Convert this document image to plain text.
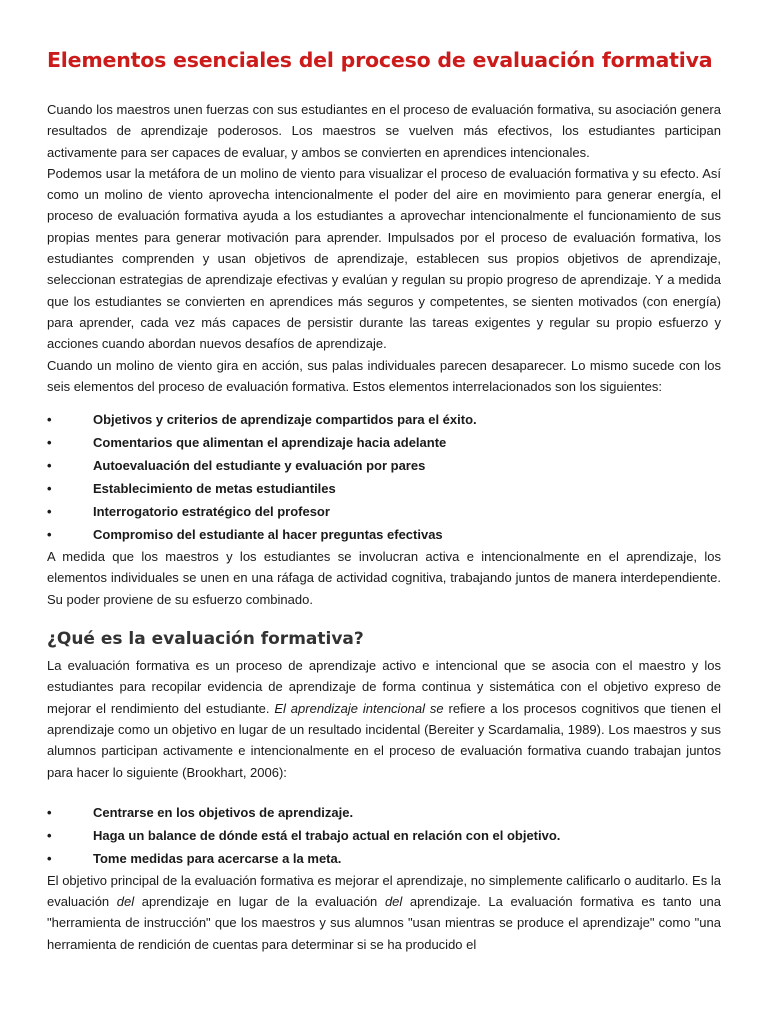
Elementos esenciales del proceso de evaluación formativa

Cuando los maestros unen fuerzas con sus estudiantes en el proceso de evaluación formativa, su asociación genera resultados de aprendizaje poderosos. Los maestros se vuelven más efectivos, los estudiantes participan activamente para ser capaces de evaluar, y ambos se convierten en aprendices intencionales.

Podemos usar la metáfora de un molino de viento para visualizar el proceso de evaluación formativa y su efecto. Así como un molino de viento aprovecha intencionalmente el poder del aire en movimiento para generar energía, el proceso de evaluación formativa ayuda a los estudiantes a aprovechar intencionalmente el funcionamiento de sus propias mentes para generar motivación para aprender. Impulsados por el proceso de evaluación formativa, los estudiantes comprenden y usan objetivos de aprendizaje, establecen sus propios objetivos de aprendizaje, seleccionan estrategias de aprendizaje efectivas y evalúan y regulan su propio progreso de aprendizaje. Y a medida que los estudiantes se convierten en aprendices más seguros y competentes, se sienten motivados (con energía) para aprender, cada vez más capaces de persistir durante las tareas exigentes y regular su propio esfuerzo y acciones cuando abordan nuevos desafíos de aprendizaje.

Cuando un molino de viento gira en acción, sus palas individuales parecen desaparecer. Lo mismo sucede con los seis elementos del proceso de evaluación formativa. Estos elementos interrelacionados son los siguientes:

• Objetivos y criterios de aprendizaje compartidos para el éxito.
• Comentarios que alimentan el aprendizaje hacia adelante
• Autoevaluación del estudiante y evaluación por pares
• Establecimiento de metas estudiantiles
• Interrogatorio estratégico del profesor
• Compromiso del estudiante al hacer preguntas efectivas

A medida que los maestros y los estudiantes se involucran activa e intencionalmente en el aprendizaje, los elementos individuales se unen en una ráfaga de actividad cognitiva, trabajando juntos de manera interdependiente. Su poder proviene de su esfuerzo combinado.

¿Qué es la evaluación formativa?

La evaluación formativa es un proceso de aprendizaje activo e intencional que se asocia con el maestro y los estudiantes para recopilar evidencia de aprendizaje de forma continua y sistemática con el objetivo expreso de mejorar el rendimiento del estudiante. El aprendizaje intencional se refiere a los procesos cognitivos que tienen el aprendizaje como un objetivo en lugar de un resultado incidental (Bereiter y Scardamalia, 1989). Los maestros y sus alumnos participan activamente e intencionalmente en el proceso de evaluación formativa cuando trabajan juntos para hacer lo siguiente (Brookhart, 2006):

• Centrarse en los objetivos de aprendizaje.
• Haga un balance de dónde está el trabajo actual en relación con el objetivo.
• Tome medidas para acercarse a la meta.

El objetivo principal de la evaluación formativa es mejorar el aprendizaje, no simplemente calificarlo o auditarlo. Es la evaluación del aprendizaje en lugar de la evaluación del aprendizaje. La evaluación formativa es tanto una "herramienta de instrucción" que los maestros y sus alumnos "usan mientras se produce el aprendizaje" como "una herramienta de rendición de cuentas para determinar si se ha producido el
